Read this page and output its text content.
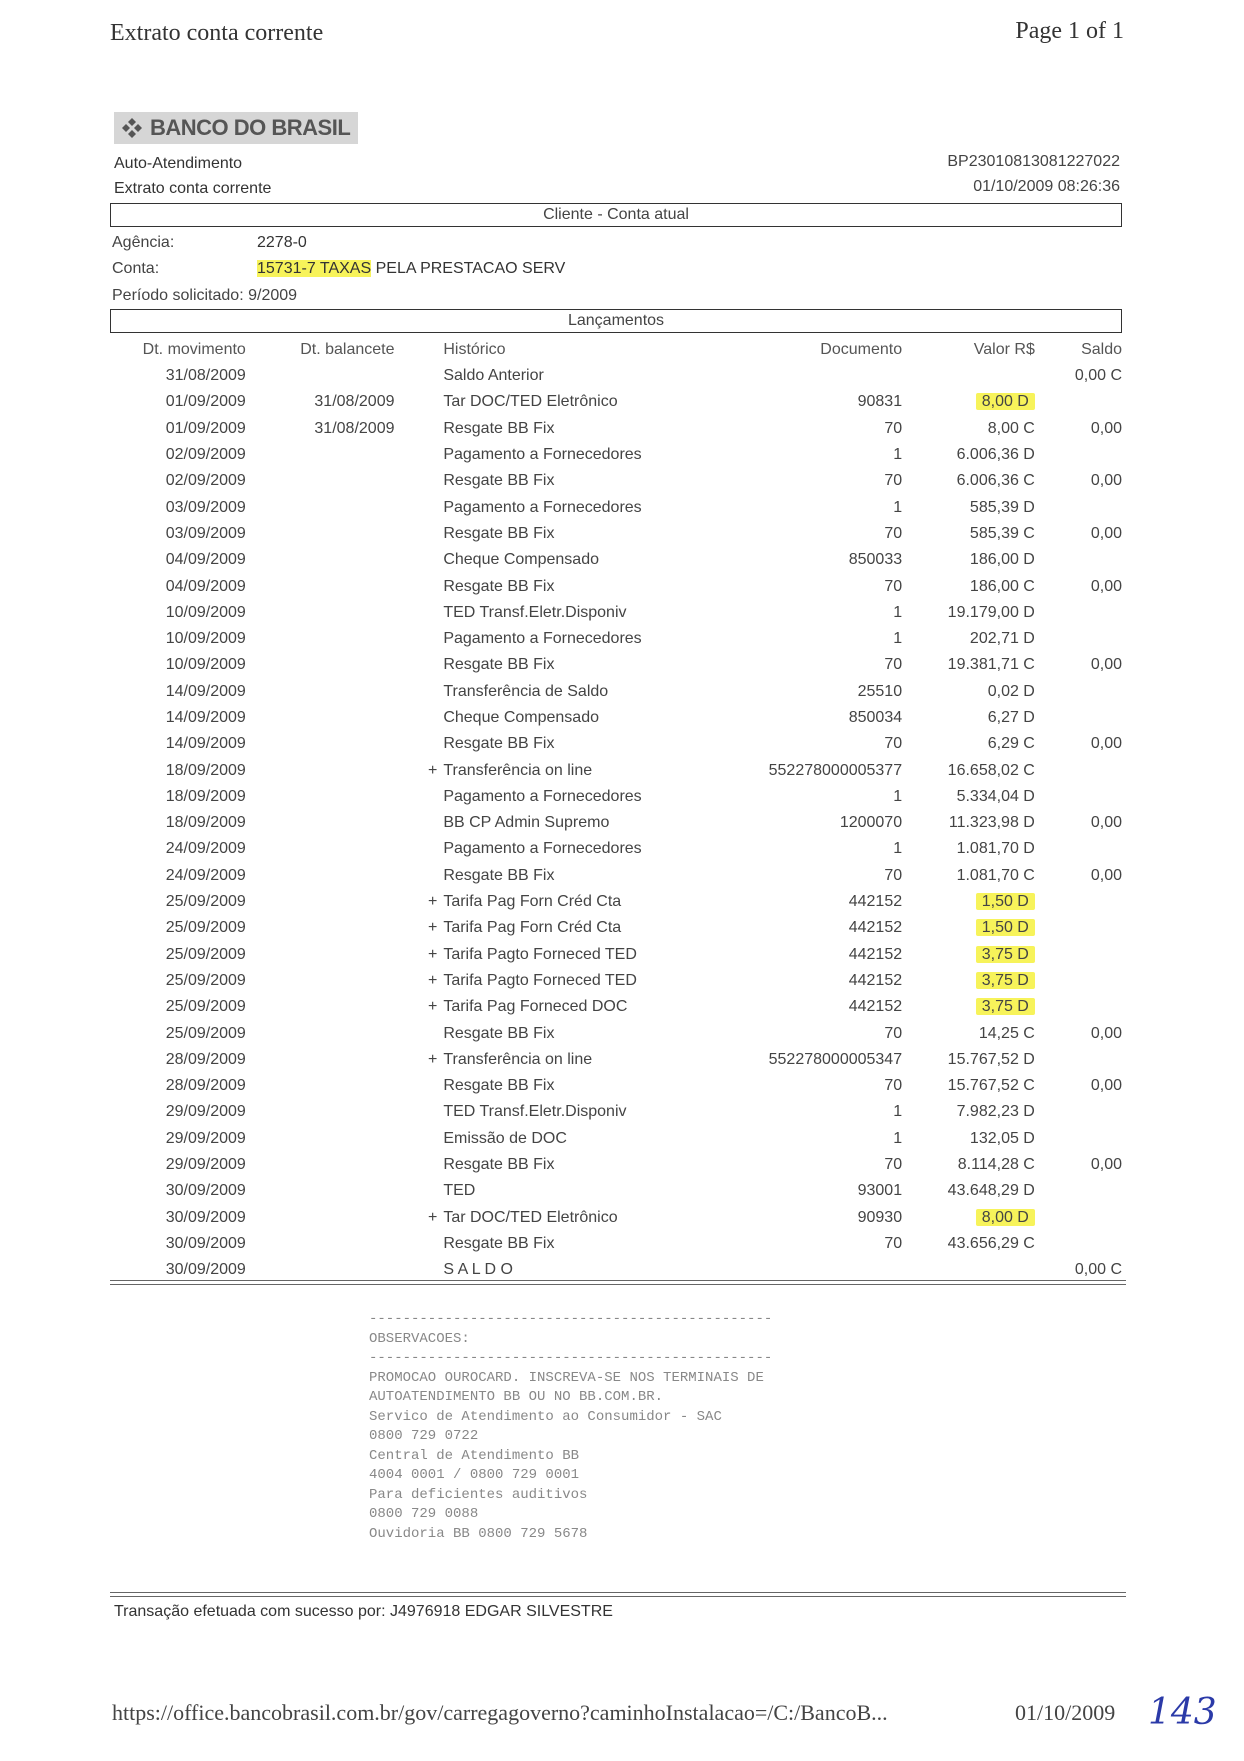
Extrato conta corrente	Page 1 of 1
BANCO DO BRASIL
Auto-Atendimento
Extrato conta corrente
BP23010813081227022
01/10/2009 08:26:36
Cliente - Conta atual
Agência:	2278-0
Conta:	15731-7 TAXAS PELA PRESTACAO SERV
Período solicitado: 9/2009
Lançamentos
Dt. movimento	Dt. balancete		Histórico	Documento	Valor R$	Saldo
31/08/2009			Saldo Anterior			0,00 C
01/09/2009	31/08/2009		Tar DOC/TED Eletrônico	90831	8,00 D	
01/09/2009	31/08/2009		Resgate BB Fix	70	8,00 C	0,00
02/09/2009			Pagamento a Fornecedores	1	6.006,36 D	
02/09/2009			Resgate BB Fix	70	6.006,36 C	0,00
03/09/2009			Pagamento a Fornecedores	1	585,39 D	
03/09/2009			Resgate BB Fix	70	585,39 C	0,00
04/09/2009			Cheque Compensado	850033	186,00 D	
04/09/2009			Resgate BB Fix	70	186,00 C	0,00
10/09/2009			TED Transf.Eletr.Disponiv	1	19.179,00 D	
10/09/2009			Pagamento a Fornecedores	1	202,71 D	
10/09/2009			Resgate BB Fix	70	19.381,71 C	0,00
14/09/2009			Transferência de Saldo	25510	0,02 D	
14/09/2009			Cheque Compensado	850034	6,27 D	
14/09/2009			Resgate BB Fix	70	6,29 C	0,00
18/09/2009		+	Transferência on line	552278000005377	16.658,02 C	
18/09/2009			Pagamento a Fornecedores	1	5.334,04 D	
18/09/2009			BB CP Admin Supremo	1200070	11.323,98 D	0,00
24/09/2009			Pagamento a Fornecedores	1	1.081,70 D	
24/09/2009			Resgate BB Fix	70	1.081,70 C	0,00
25/09/2009		+	Tarifa Pag Forn Créd Cta	442152	1,50 D	
25/09/2009		+	Tarifa Pag Forn Créd Cta	442152	1,50 D	
25/09/2009		+	Tarifa Pagto Forneced TED	442152	3,75 D	
25/09/2009		+	Tarifa Pagto Forneced TED	442152	3,75 D	
25/09/2009		+	Tarifa Pag Forneced DOC	442152	3,75 D	
25/09/2009			Resgate BB Fix	70	14,25 C	0,00
28/09/2009		+	Transferência on line	552278000005347	15.767,52 D	
28/09/2009			Resgate BB Fix	70	15.767,52 C	0,00
29/09/2009			TED Transf.Eletr.Disponiv	1	7.982,23 D	
29/09/2009			Emissão de DOC	1	132,05 D	
29/09/2009			Resgate BB Fix	70	8.114,28 C	0,00
30/09/2009			TED	93001	43.648,29 D	
30/09/2009		+	Tar DOC/TED Eletrônico	90930	8,00 D	
30/09/2009			Resgate BB Fix	70	43.656,29 C	
30/09/2009			S A L D O			0,00 C
------------------------------------------------
OBSERVACOES:
------------------------------------------------
PROMOCAO OUROCARD. INSCREVA-SE NOS TERMINAIS DE
AUTOATENDIMENTO BB OU NO BB.COM.BR.
Servico de Atendimento ao Consumidor - SAC
0800 729 0722
Central de Atendimento BB
4004 0001 / 0800 729 0001
Para deficientes auditivos
0800 729 0088
Ouvidoria BB 0800 729 5678
Transação efetuada com sucesso por: J4976918 EDGAR SILVESTRE
https://office.bancobrasil.com.br/gov/carregagoverno?caminhoInstalacao=/C:/BancoB...	01/10/2009 143
